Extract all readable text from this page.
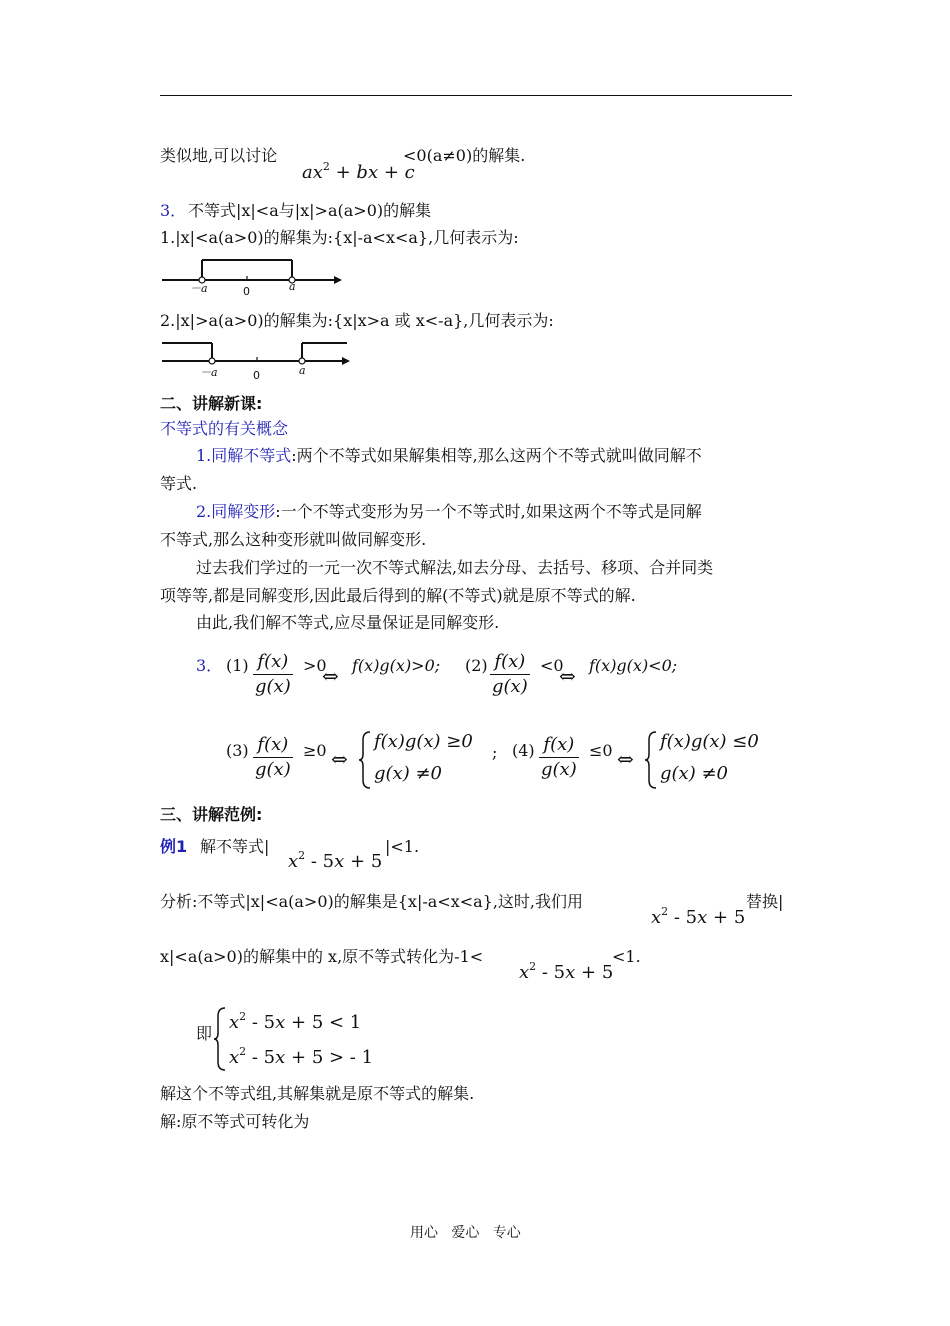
类似地,可以讨论
$ax^2$ + bx + c
<0(a≠0)的解集.
3． 不等式|x|<a与|x|>a(a>0)的解集
1.|x|<a(a>0)的解集为:{x|-a<x<a},几何表示为:
－a	0	a
2.|x|>a(a>0)的解集为:{x|x>a 或 x<-a},几何表示为:
－a	0	a
二、讲解新课:
不等式的有关概念
1.同解不等式:两个不等式如果解集相等,那么这两个不等式就叫做同解不
等式.
2.同解变形:一个不等式变形为另一个不等式时,如果这两个不等式是同解
不等式,那么这种变形就叫做同解变形.
过去我们学过的一元一次不等式解法,如去分母、去括号、移项、合并同类
项等等,都是同解变形,因此最后得到的解(不等式)就是原不等式的解.
由此,我们解不等式,应尽量保证是同解变形.
3． $(1) \frac{f(x)}{g(x)} >0$
⇔ f(x)g(x)>0; $(2) \frac{f(x)}{g(x)} <0$
⇔ f(x)g(x)<0;
$(3) \frac{f(x)}{g(x)} \ge 0$ ⇔
f(x)g(x) ≥0
g(x) ≠0
; $(4) \frac{f(x)}{g(x)} \le 0$ ⇔
f(x)g(x) ≤0
g(x) ≠0
三、讲解范例:
例1 解不等式|
$x^2 - 5x + 5$
|<1.
分析:不等式|x|<a(a>0)的解集是{x|-a<x<a},这时,我们用
$x^2 - 5x + 5$
替换|
x|<a(a>0)的解集中的 x,原不等式转化为-1<
$x^2 - 5x + 5$
<1.
即
$x^2 - 5x + 5 < 1$
$x^2 - 5x + 5$ > - 1
解这个不等式组,其解集就是原不等式的解集.
解:原不等式可转化为
用心   爱心   专心
